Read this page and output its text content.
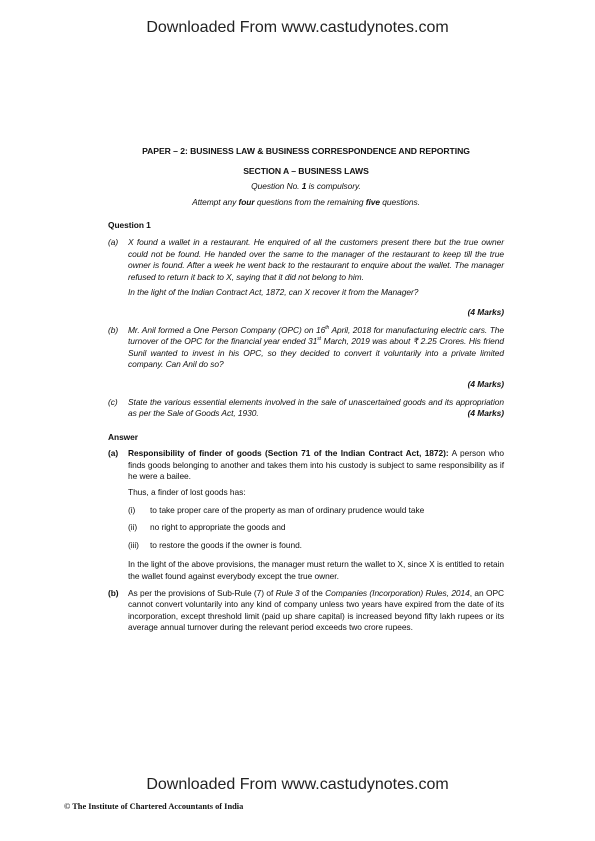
Downloaded From www.castudynotes.com
PAPER – 2: BUSINESS LAW & BUSINESS CORRESPONDENCE AND REPORTING
SECTION A – BUSINESS LAWS
Question No. 1 is compulsory.
Attempt any four questions from the remaining five questions.
Question 1
(a)	X found a wallet in a restaurant. He enquired of all the customers present there but the true owner could not be found. He handed over the same to the manager of the restaurant to keep till the true owner is found. After a week he went back to the restaurant to enquire about the wallet. The manager refused to return it back to X, saying that it did not belong to him.
In the light of the Indian Contract Act, 1872, can X recover it from the Manager?
(4 Marks)
(b)	Mr. Anil formed a One Person Company (OPC) on 16th April, 2018 for manufacturing electric cars. The turnover of the OPC for the financial year ended 31st March, 2019 was about ₹ 2.25 Crores. His friend Sunil wanted to invest in his OPC, so they decided to convert it voluntarily into a private limited company. Can Anil do so?
(4 Marks)
(c)	State the various essential elements involved in the sale of unascertained goods and its appropriation as per the Sale of Goods Act, 1930.	(4 Marks)
Answer
(a)	Responsibility of finder of goods (Section 71 of the Indian Contract Act, 1872): A person who finds goods belonging to another and takes them into his custody is subject to same responsibility as if he were a bailee.
Thus, a finder of lost goods has:
(i)	to take proper care of the property as man of ordinary prudence would take
(ii)	no right to appropriate the goods and
(iii)	to restore the goods if the owner is found.
In the light of the above provisions, the manager must return the wallet to X, since X is entitled to retain the wallet found against everybody except the true owner.
(b)	As per the provisions of Sub-Rule (7) of Rule 3 of the Companies (Incorporation) Rules, 2014, an OPC cannot convert voluntarily into any kind of company unless two years have expired from the date of its incorporation, except threshold limit (paid up share capital) is increased beyond fifty lakh rupees or its average annual turnover during the relevant period exceeds two crore rupees.
Downloaded From www.castudynotes.com
© The Institute of Chartered Accountants of India
